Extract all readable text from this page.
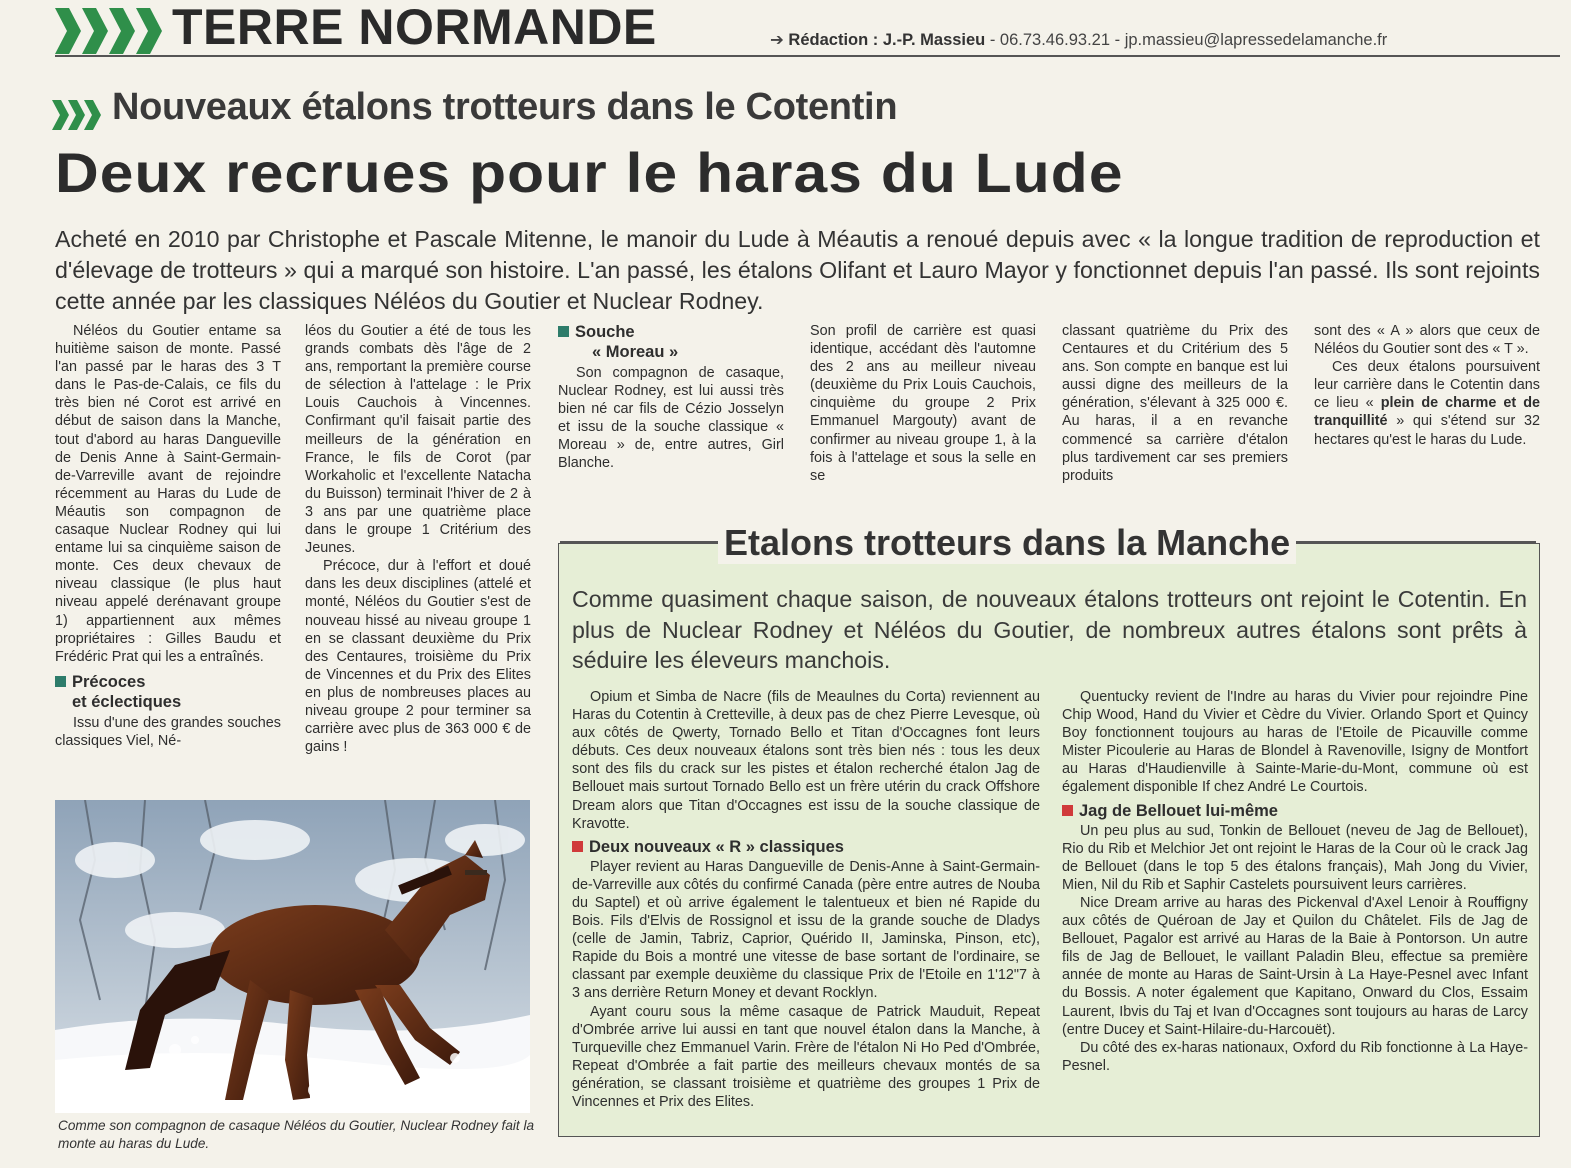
TERRE NORMANDE	➔ Rédaction : J.-P. Massieu - 06.73.46.93.21 - jp.massieu@lapressedelamanche.fr
Nouveaux étalons trotteurs dans le Cotentin
Deux recrues pour le haras du Lude
Acheté en 2010 par Christophe et Pascale Mitenne, le manoir du Lude à Méautis a renoué depuis avec « la longue tradition de reproduction et d'élevage de trotteurs » qui a marqué son histoire. L'an passé, les étalons Olifant et Lauro Mayor y fonctionnet depuis l'an passé. Ils sont rejoints cette année par les classiques Néléos du Goutier et Nuclear Rodney.

Néléos du Goutier entame sa huitième saison de monte. Passé l'an passé par le haras des 3 T dans le Pas-de-Calais, ce fils du très bien né Corot est arrivé en début de saison dans la Manche, tout d'abord au haras Dangueville de Denis Anne à Saint-Germain-de-Varreville avant de rejoindre récemment au Haras du Lude de Méautis son compagnon de casaque Nuclear Rodney qui lui entame lui sa cinquième saison de monte. Ces deux chevaux de niveau classique (le plus haut niveau appelé derénavant groupe 1) appartiennent aux mêmes propriétaires : Gilles Baudu et Frédéric Prat qui les a entraînés.

Précoces
et éclectiques

Issu d'une des grandes souches classiques Viel, Né-

léos du Goutier a été de tous les grands combats dès l'âge de 2 ans, remportant la première course de sélection à l'attelage : le Prix Louis Cauchois à Vincennes. Confirmant qu'il faisait partie des meilleurs de la génération en France, le fils de Corot (par Workaholic et l'excellente Natacha du Buisson) terminait l'hiver de 2 à 3 ans par une quatrième place dans le groupe 1 Critérium des Jeunes.

Précoce, dur à l'effort et doué dans les deux disciplines (attelé et monté, Néléos du Goutier s'est de nouveau hissé au niveau groupe 1 en se classant deuxième du Prix des Centaures, troisième du Prix de Vincennes et du Prix des Elites en plus de nombreuses places au niveau groupe 2 pour terminer sa carrière avec plus de 363 000 € de gains !

Souche
« Moreau »

Son compagnon de casaque, Nuclear Rodney, est lui aussi très bien né car fils de Cézio Josselyn et issu de la souche classique « Moreau » de, entre autres, Girl Blanche.

Son profil de carrière est quasi identique, accédant dès l'automne des 2 ans au meilleur niveau (deuxième du Prix Louis Cauchois, cinquième du groupe 2 Prix Emmanuel Margouty) avant de confirmer au niveau groupe 1, à la fois à l'attelage et sous la selle en se

classant quatrième du Prix des Centaures et du Critérium des 5 ans. Son compte en banque est lui aussi digne des meilleurs de la génération, s'élevant à 325 000 €. Au haras, il a en revanche commencé sa carrière d'étalon plus tardivement car ses premiers produits

sont des « A » alors que ceux de Néléos du Goutier sont des « T ».

Ces deux étalons poursuivent leur carrière dans le Cotentin dans ce lieu « plein de charme et de tranquillité » qui s'étend sur 32 hectares qu'est le haras du Lude.

Comme son compagnon de casaque Néléos du Goutier, Nuclear Rodney fait la monte au haras du Lude.
Etalons trotteurs dans la Manche
Comme quasiment chaque saison, de nouveaux étalons trotteurs ont rejoint le Cotentin. En plus de Nuclear Rodney et Néléos du Goutier, de nombreux autres étalons sont prêts à séduire les éleveurs manchois.

Opium et Simba de Nacre (fils de Meaulnes du Corta) reviennent au Haras du Cotentin à Cretteville, à deux pas de chez Pierre Levesque, où aux côtés de Qwerty, Tornado Bello et Titan d'Occagnes font leurs débuts. Ces deux nouveaux étalons sont très bien nés : tous les deux sont des fils du crack sur les pistes et étalon recherché étalon Jag de Bellouet mais surtout Tornado Bello est un frère utérin du crack Offshore Dream alors que Titan d'Occagnes est issu de la souche classique de Kravotte.

Deux nouveaux « R » classiques

Player revient au Haras Dangueville de Denis-Anne à Saint-Germain-de-Varreville aux côtés du confirmé Canada (père entre autres de Nouba du Saptel) et où arrive également le talentueux et bien né Rapide du Bois. Fils d'Elvis de Rossignol et issu de la grande souche de Dladys (celle de Jamin, Tabriz, Caprior, Quérido II, Jaminska, Pinson, etc), Rapide du Bois a montré une vitesse de base sortant de l'ordinaire, se classant par exemple deuxième du classique Prix de l'Etoile en 1'12"7 à 3 ans derrière Return Money et devant Rocklyn.

Ayant couru sous la même casaque de Patrick Mauduit, Repeat d'Ombrée arrive lui aussi en tant que nouvel étalon dans la Manche, à Turqueville chez Emmanuel Varin. Frère de l'étalon Ni Ho Ped d'Ombrée, Repeat d'Ombrée a fait partie des meilleurs chevaux montés de sa génération, se classant troisième et quatrième des groupes 1 Prix de Vincennes et Prix des Elites.

Quentucky revient de l'Indre au haras du Vivier pour rejoindre Pine Chip Wood, Hand du Vivier et Cèdre du Vivier. Orlando Sport et Quincy Boy fonctionnent toujours au haras de l'Etoile de Picauville comme Mister Picoulerie au Haras de Blondel à Ravenoville, Isigny de Montfort au Haras d'Haudienville à Sainte-Marie-du-Mont, commune où est également disponible If chez André Le Courtois.

Jag de Bellouet lui-même

Un peu plus au sud, Tonkin de Bellouet (neveu de Jag de Bellouet), Rio du Rib et Melchior Jet ont rejoint le Haras de la Cour où le crack Jag de Bellouet (dans le top 5 des étalons français), Mah Jong du Vivier, Mien, Nil du Rib et Saphir Castelets poursuivent leurs carrières.

Nice Dream arrive au haras des Pickenval d'Axel Lenoir à Rouffigny aux côtés de Quéroan de Jay et Quilon du Châtelet. Fils de Jag de Bellouet, Pagalor est arrivé au Haras de la Baie à Pontorson. Un autre fils de Jag de Bellouet, le vaillant Paladin Bleu, effectue sa première année de monte au Haras de Saint-Ursin à La Haye-Pesnel avec Infant du Bossis. A noter également que Kapitano, Onward du Clos, Essaim Laurent, Ibvis du Taj et Ivan d'Occagnes sont toujours au haras de Larcy (entre Ducey et Saint-Hilaire-du-Harcouët).

Du côté des ex-haras nationaux, Oxford du Rib fonctionne à La Haye-Pesnel.
